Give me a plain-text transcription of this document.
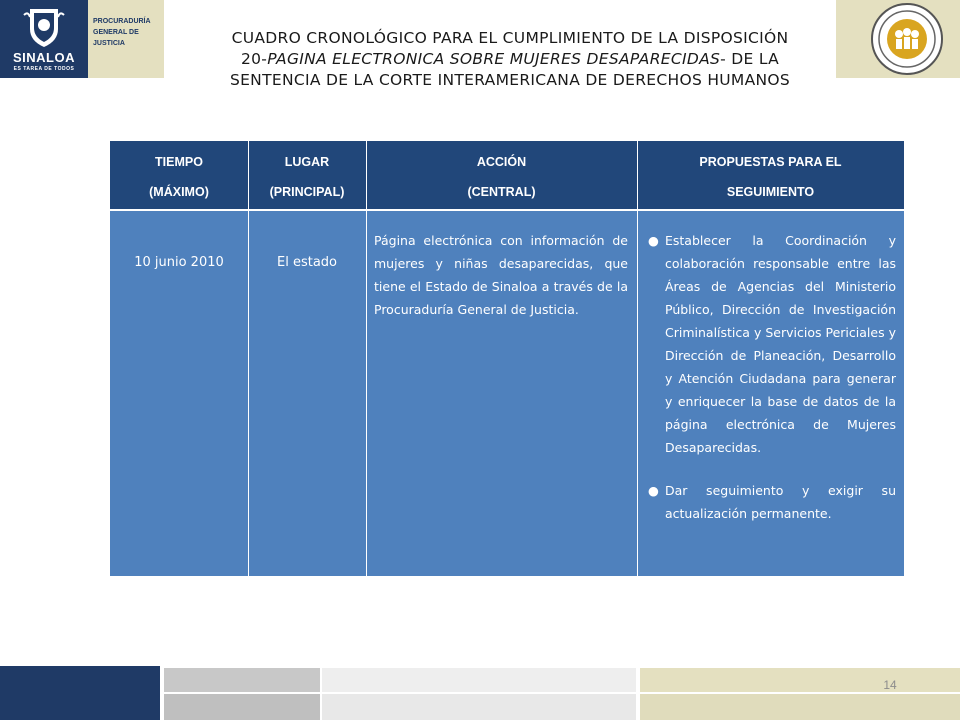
SINALOA
ES TAREA DE TODOS
PROCURADURÍA
GENERAL DE
JUSTICIA	CUADRO CRONOLÓGICO PARA EL CUMPLIMIENTO DE LA DISPOSICIÓN
20-PAGINA ELECTRONICA SOBRE MUJERES DESAPARECIDAS- DE LA
SENTENCIA DE LA CORTE INTERAMERICANA DE DERECHOS HUMANOS
TIEMPO
(MÁXIMO)
LUGAR
(PRINCIPAL)
ACCIÓN
(CENTRAL)
PROPUESTAS PARA EL
SEGUIMIENTO
10 junio 2010	El estado
Página electrónica con información de mujeres y niñas desaparecidas, que tiene el Estado de Sinaloa a través de la Procuraduría General de Justicia.
● Establecer la Coordinación y colaboración responsable entre las Áreas de Agencias del Ministerio Público, Dirección de Investigación Criminalística y Servicios Periciales y Dirección de Planeación, Desarrollo y Atención Ciudadana para generar y enriquecer la base de datos de la página electrónica de Mujeres Desaparecidas.
● Dar seguimiento y exigir su actualización permanente.
14
